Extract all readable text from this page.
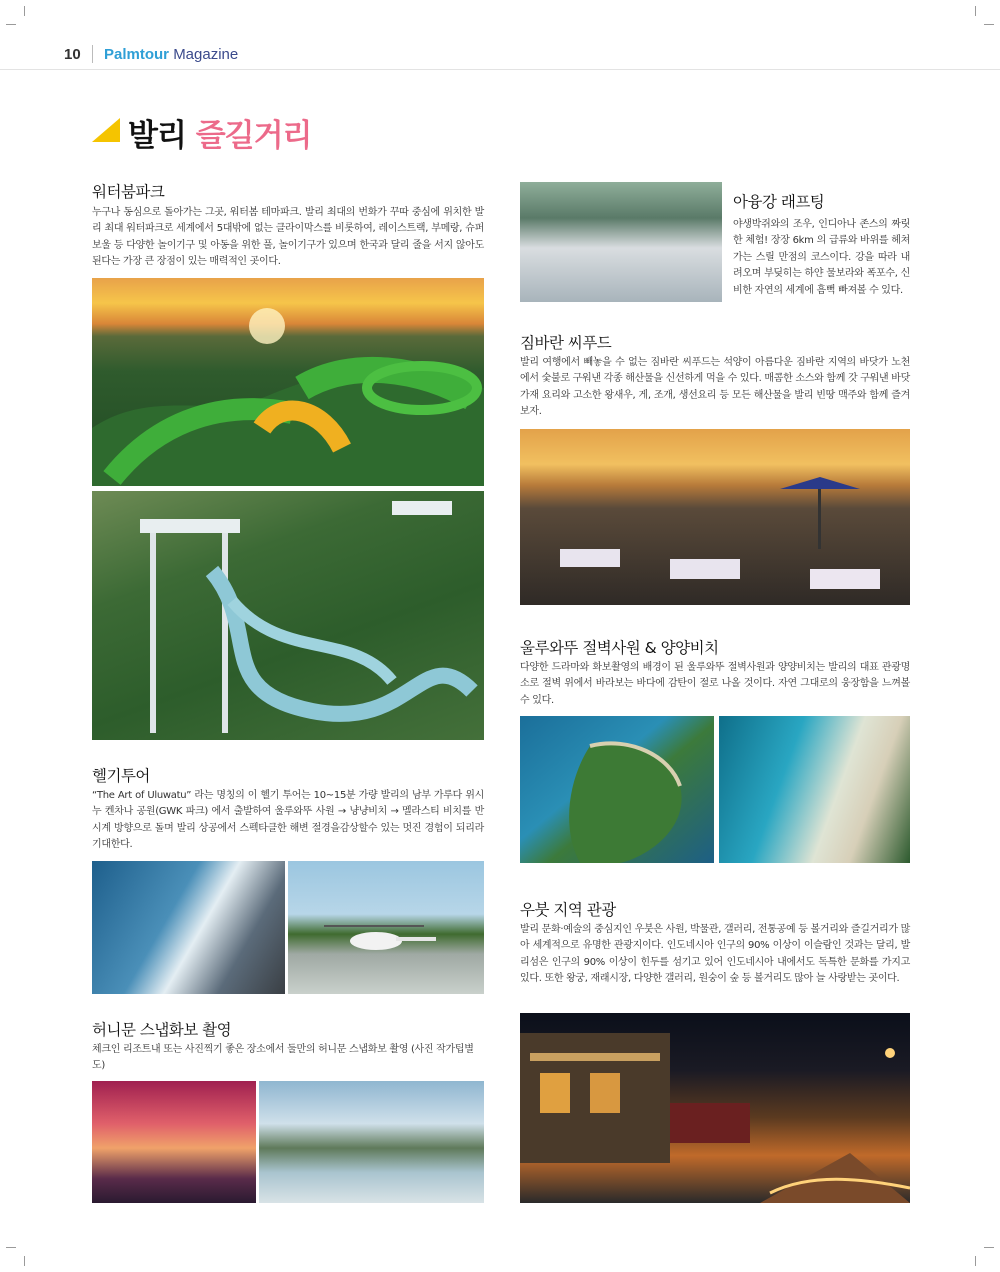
10 Palmtour Magazine
발리 즐길거리
워터붐파크

누구나 동심으로 돌아가는 그곳, 워터봄 테마파크. 발리 최대의 번화가 꾸따 중심에 위치한 발리 최대 워터파크로 세계에서 5대밖에 없는 클라이막스를 비롯하여, 레이스트랙, 부메랑, 슈퍼보울 등 다양한 놀이기구 및 아동을 위한 풀, 놀이기구가 있으며 한국과 달리 줄을 서지 않아도 된다는 가장 큰 장점이 있는 매력적인 곳이다.

헬기투어

“The Art of Uluwatu” 라는 명칭의 이 헬기 투어는 10~15분 가량 발리의 남부 가루다 위시누 켄차나 공원(GWK 파크) 에서 출발하여 울루와뚜 사원 → 냥냥비치 → 멜라스티 비치를 반시계 방향으로 돌며 발리 상공에서 스펙타클한 해변 절경을감상할수 있는 멋진 경험이 되리라 기대한다.

허니문 스냅화보 촬영

체크인 리조트내 또는 사진찍기 좋은 장소에서 둘만의 허니문 스냅화보 촬영 (사진 작가팁별도)

아융강 래프팅

야생박쥐와의 조우, 인디아나 존스의 짜릿한 체험! 장장 6km 의 급류와 바위를 헤쳐가는 스릴 만점의 코스이다. 강을 따라 내려오며 부딪히는 하얀 물보라와 폭포수, 신비한 자연의 세계에 흠뻑 빠져볼 수 있다.

짐바란 씨푸드

발리 여행에서 빼놓을 수 없는 짐바란 씨푸드는 석양이 아름다운 짐바란 지역의 바닷가 노천에서 숯불로 구워낸 각종 해산물을 신선하게 먹을 수 있다. 매콤한 소스와 함께 갓 구워낸 바닷가재 요리와 고소한 왕새우, 게, 조개, 생선요리 등 모든 해산물을 발리 빈땅 맥주와 함께 즐겨보자.

울루와뚜 절벽사원 & 양양비치

다양한 드라마와 화보촬영의 배경이 된 울루와뚜 절벽사원과 양양비치는 발리의 대표 관광명소로 절벽 위에서 바라보는 바다에 감탄이 절로 나올 것이다. 자연 그대로의 웅장함을 느껴볼 수 있다.

우붓 지역 관광

발리 문화·예술의 중심지인 우붓은 사원, 박물관, 갤러리, 전통공예 등 볼거리와 즐길거리가 많아 세계적으로 유명한 관광지이다. 인도네시아 인구의 90% 이상이 이슬람인 것과는 달리, 발리섬은 인구의 90% 이상이 힌두를 섬기고 있어 인도네시아 내에서도 독특한 문화를 가지고 있다. 또한 왕궁, 재래시장, 다양한 갤러리, 원숭이 숲 등 볼거리도 많아 늘 사랑받는 곳이다.
